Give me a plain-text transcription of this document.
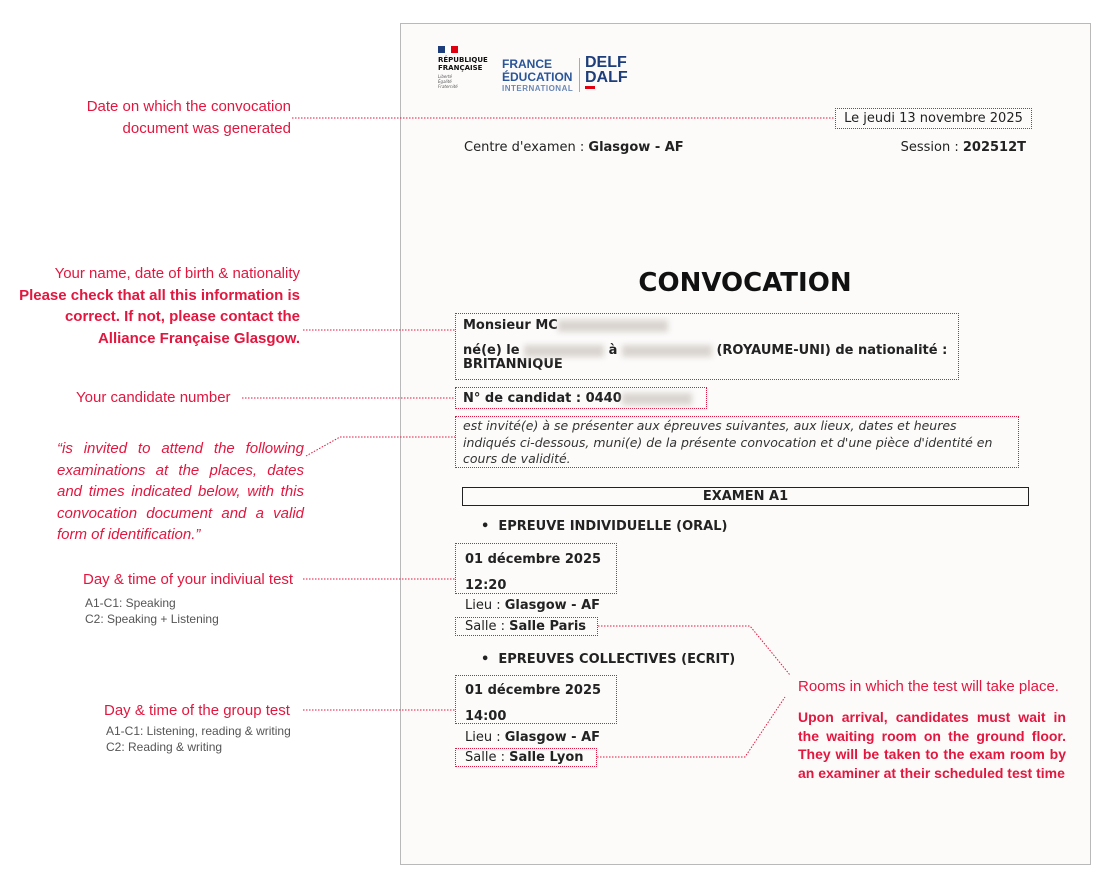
RÉPUBLIQUE
FRANÇAISE
Liberté
Égalité
Fraternité
FRANCE
ÉDUCATION
INTERNATIONAL
DELF
DALF
Le jeudi 13 novembre 2025
Centre d'examen : Glasgow - AF	Session : 202512T
CONVOCATION
Monsieur MC
né(e) le	à	(ROYAUME-UNI) de nationalité :
BRITANNIQUE
N° de candidat : 0440
est invité(e) à se présenter aux épreuves suivantes, aux lieux, dates et heures indiqués ci-dessous, muni(e) de la présente convocation et d'une pièce d'identité en cours de validité.
EXAMEN A1
•  EPREUVE INDIVIDUELLE (ORAL)
01 décembre 2025
12:20
Lieu : Glasgow - AF
Salle : Salle Paris
•  EPREUVES COLLECTIVES (ECRIT)
01 décembre 2025
14:00
Lieu : Glasgow - AF
Salle : Salle Lyon
Date on which the convocation
document was generated
Your name, date of birth & nationality
Please check that all this information is
correct. If not, please contact the
Alliance Française Glasgow.
Your candidate number
“is invited to attend the following examinations at the places, dates and times indicated below, with this convocation document and a valid form of identification.”
Day & time of your indiviual test
A1-C1: Speaking
C2: Speaking + Listening
Day & time of the group test
A1-C1: Listening, reading & writing
C2: Reading & writing
Rooms in which the test will take place.
Upon arrival, candidates must wait in the waiting room on the ground floor. They will be taken to the exam room by an examiner at their scheduled test time
